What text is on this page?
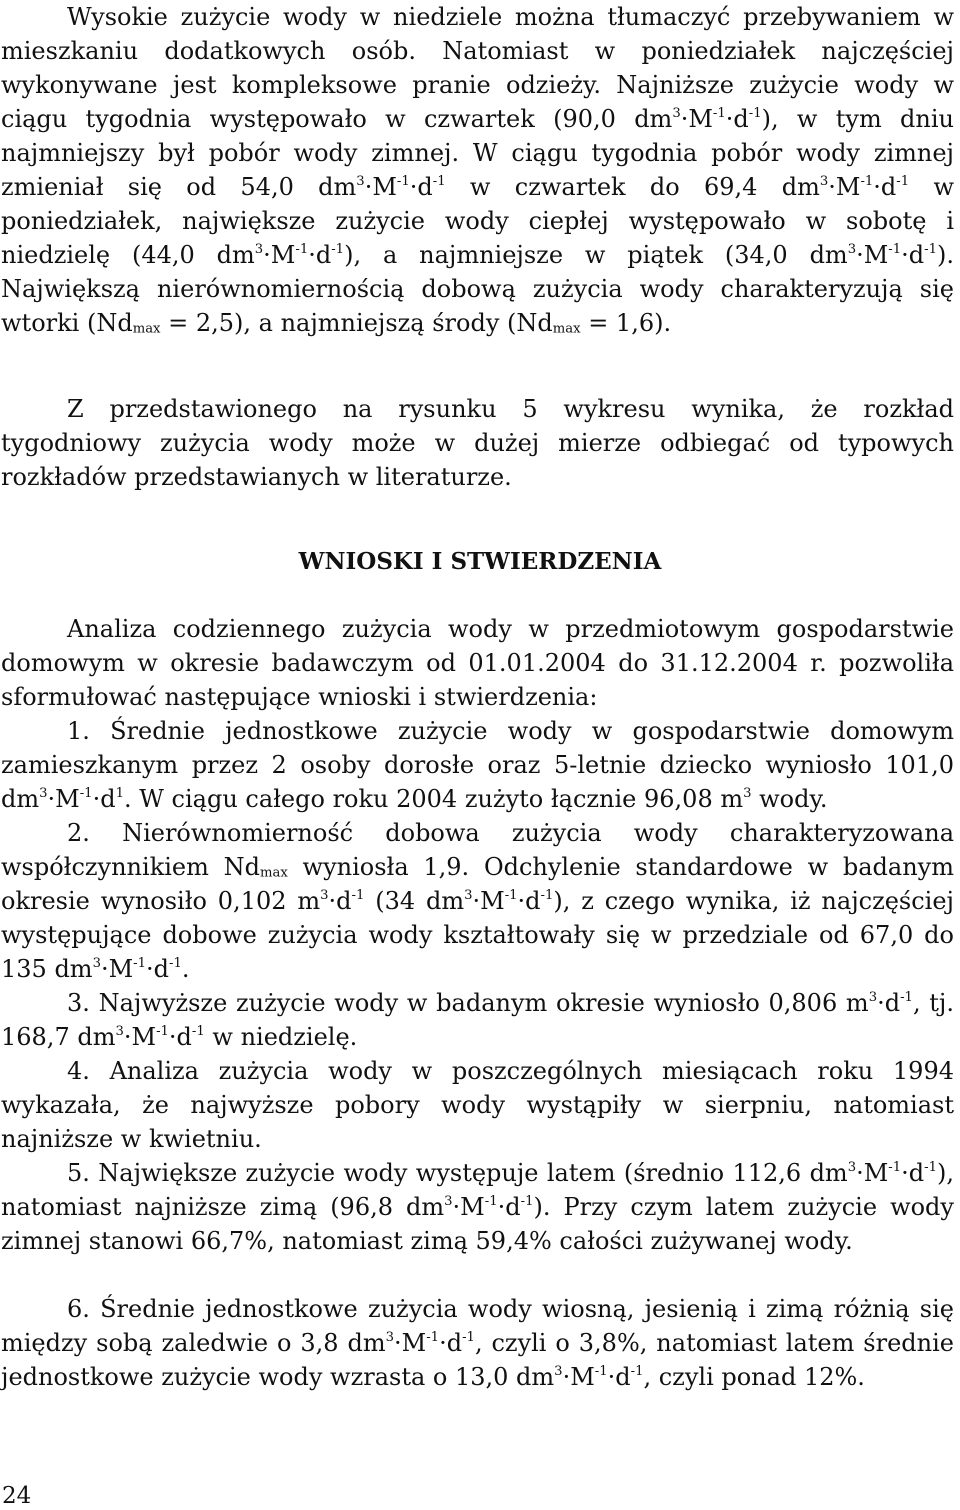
Wysokie zużycie wody w niedziele można tłumaczyć przebywaniem w mieszkaniu dodatkowych osób. Natomiast w poniedziałek najczęściej wykonywane jest kompleksowe pranie odzieży. Najniższe zużycie wody w ciągu tygodnia występowało w czwartek (90,0 $dm^3\cdot M^{-1}\cdot d^{-1}$), w tym dniu najmniejszy był pobór wody zimnej. W ciągu tygodnia pobór wody zimnej zmieniał się od 54,0 $dm^3\cdot M^{-1}\cdot d^{-1}$ w czwartek do 69,4 $dm^3\cdot M^{-1}\cdot d^{-1}$ w poniedziałek, największe zużycie wody ciepłej występowało w sobotę i niedzielę (44,0 $dm^3\cdot M^{-1}\cdot d^{-1}$), a najmniejsze w piątek (34,0 $dm^3\cdot M^{-1}\cdot d^{-1}$). Największą nierównomiernością dobową zużycia wody charakteryzują się wtorki $(Nd_{max} = 2,5)$, a najmniejszą środy $(Nd_{max} = 1,6)$.

Z przedstawionego na rysunku 5 wykresu wynika, że rozkład tygodniowy zużycia wody może w dużej mierze odbiegać od typowych rozkładów przedstawianych w literaturze.

WNIOSKI I STWIERDZENIA

Analiza codziennego zużycia wody w przedmiotowym gospodarstwie domowym w okresie badawczym od 01.01.2004 do 31.12.2004 r. pozwoliła sformułować następujące wnioski i stwierdzenia:

1. Średnie jednostkowe zużycie wody w gospodarstwie domowym zamieszkanym przez 2 osoby dorosłe oraz 5-letnie dziecko wyniosło 101,0 $dm^3\cdot M^{-1}\cdot d^1$. W ciągu całego roku 2004 zużyto łącznie 96,08 $m^3$ wody.

2. Nierównomierność dobowa zużycia wody charakteryzowana współczynnikiem $Nd_{max}$ wyniosła 1,9. Odchylenie standardowe w badanym okresie wynosiło 0,102 $m^3\cdot d^{-1}$ (34 $dm^3\cdot M^{-1}\cdot d^{-1}$), z czego wynika, iż najczęściej występujące dobowe zużycia wody kształtowały się w przedziale od 67,0 do 135 $dm^3\cdot M^{-1}\cdot d^{-1}$.

3. Najwyższe zużycie wody w badanym okresie wyniosło 0,806 $m^3\cdot d^{-1}$, tj. 168,7 $dm^3\cdot M^{-1}\cdot d^{-1}$ w niedzielę.

4. Analiza zużycia wody w poszczególnych miesiącach roku 1994 wykazała, że najwyższe pobory wody wystąpiły w sierpniu, natomiast najniższe w kwietniu.

5. Największe zużycie wody występuje latem (średnio 112,6 $dm^3\cdot M^{-1}\cdot d^{-1}$), natomiast najniższe zimą (96,8 $dm^3\cdot M^{-1}\cdot d^{-1}$). Przy czym latem zużycie wody zimnej stanowi 66,7%, natomiast zimą 59,4% całości zużywanej wody.

6. Średnie jednostkowe zużycia wody wiosną, jesienią i zimą różnią się między sobą zaledwie o 3,8 $dm^3\cdot M^{-1}\cdot d^{-1}$, czyli o 3,8%, natomiast latem średnie jednostkowe zużycie wody wzrasta o 13,0 $dm^3\cdot M^{-1}\cdot d^{-1}$, czyli ponad 12%.

24
